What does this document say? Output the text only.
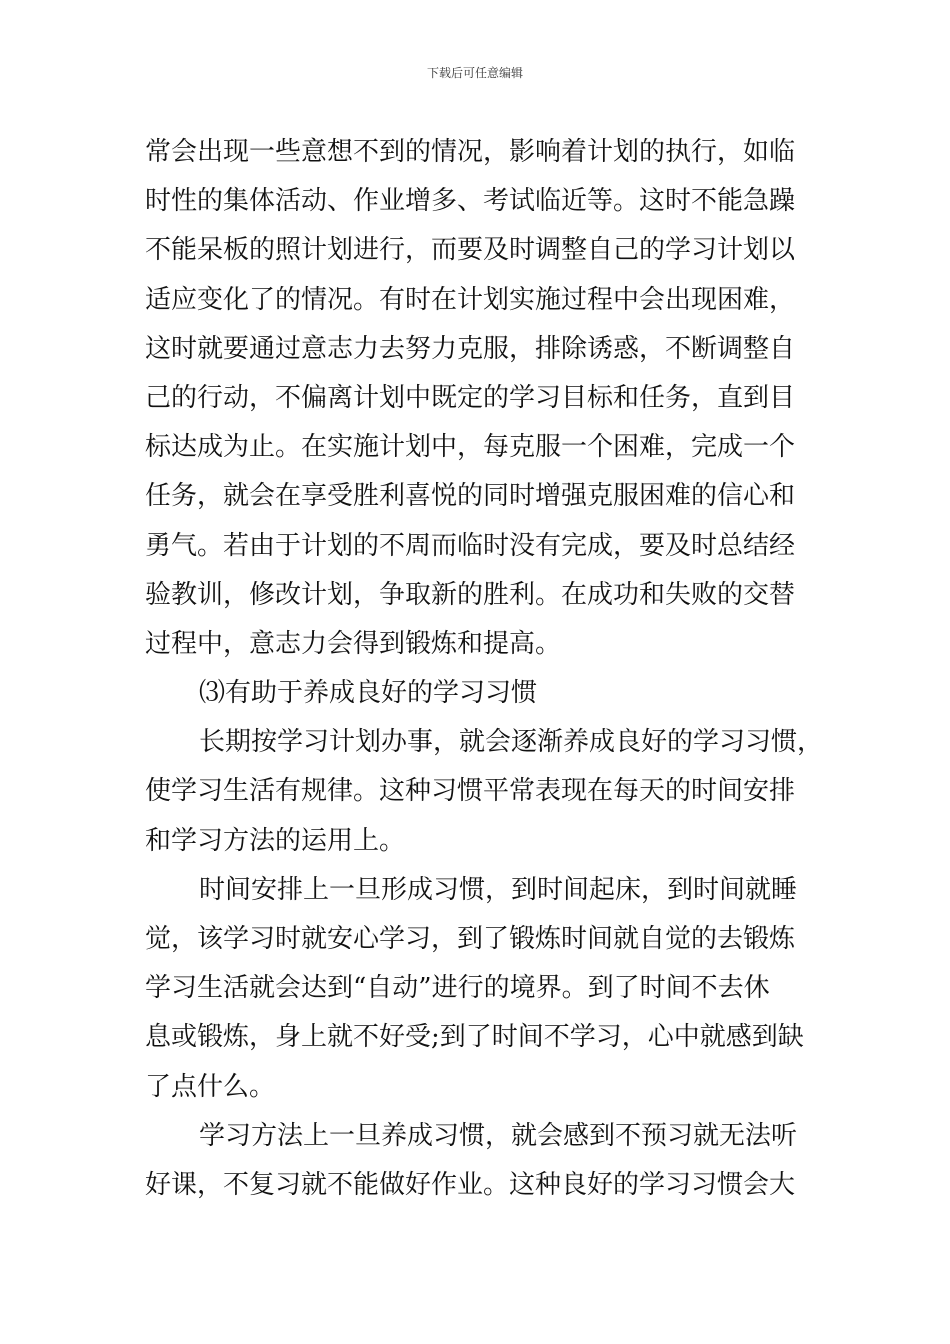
下载后可任意编辑
常会出现一些意想不到的情况，影响着计划的执行，如临
时性的集体活动、作业增多、考试临近等。这时不能急躁
不能呆板的照计划进行，而要及时调整自己的学习计划以
适应变化了的情况。有时在计划实施过程中会出现困难，
这时就要通过意志力去努力克服，排除诱惑，不断调整自
己的行动，不偏离计划中既定的学习目标和任务，直到目
标达成为止。在实施计划中，每克服一个困难，完成一个
任务，就会在享受胜利喜悦的同时增强克服困难的信心和
勇气。若由于计划的不周而临时没有完成，要及时总结经
验教训，修改计划，争取新的胜利。在成功和失败的交替
过程中，意志力会得到锻炼和提高。
⑶有助于养成良好的学习习惯
长期按学习计划办事，就会逐渐养成良好的学习习惯，
使学习生活有规律。这种习惯平常表现在每天的时间安排
和学习方法的运用上。
时间安排上一旦形成习惯，到时间起床，到时间就睡
觉，该学习时就安心学习，到了锻炼时间就自觉的去锻炼
学习生活就会达到“自动”进行的境界。到了时间不去休
息或锻炼，身上就不好受;到了时间不学习，心中就感到缺
了点什么。
学习方法上一旦养成习惯，就会感到不预习就无法听
好课，不复习就不能做好作业。这种良好的学习习惯会大
